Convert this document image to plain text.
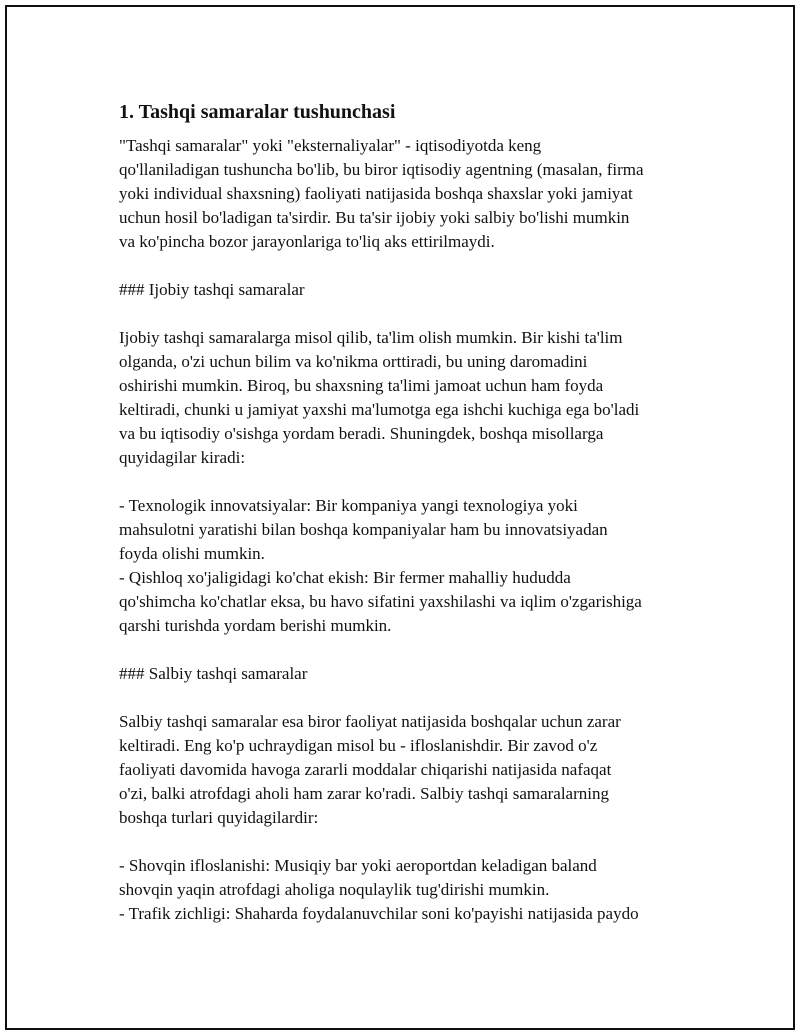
1. Tashqi samaralar tushunchasi

"Tashqi samaralar" yoki "eksternaliyalar" - iqtisodiyotda keng
qo'llaniladigan tushuncha bo'lib, bu biror iqtisodiy agentning (masalan, firma
yoki individual shaxsning) faoliyati natijasida boshqa shaxslar yoki jamiyat
uchun hosil bo'ladigan ta'sirdir. Bu ta'sir ijobiy yoki salbiy bo'lishi mumkin
va ko'pincha bozor jarayonlariga to'liq aks ettirilmaydi.

### Ijobiy tashqi samaralar

Ijobiy tashqi samaralarga misol qilib, ta'lim olish mumkin. Bir kishi ta'lim
olganda, o'zi uchun bilim va ko'nikma orttiradi, bu uning daromadini
oshirishi mumkin. Biroq, bu shaxsning ta'limi jamoat uchun ham foyda
keltiradi, chunki u jamiyat yaxshi ma'lumotga ega ishchi kuchiga ega bo'ladi
va bu iqtisodiy o'sishga yordam beradi. Shuningdek, boshqa misollarga
quyidagilar kiradi:

- Texnologik innovatsiyalar: Bir kompaniya yangi texnologiya yoki
mahsulotni yaratishi bilan boshqa kompaniyalar ham bu innovatsiyadan
foyda olishi mumkin.
- Qishloq xo'jaligidagi ko'chat ekish: Bir fermer mahalliy hududda
qo'shimcha ko'chatlar eksa, bu havo sifatini yaxshilashi va iqlim o'zgarishiga
qarshi turishda yordam berishi mumkin.

### Salbiy tashqi samaralar

Salbiy tashqi samaralar esa biror faoliyat natijasida boshqalar uchun zarar
keltiradi. Eng ko'p uchraydigan misol bu - ifloslanishdir. Bir zavod o'z
faoliyati davomida havoga zararli moddalar chiqarishi natijasida nafaqat
o'zi, balki atrofdagi aholi ham zarar ko'radi. Salbiy tashqi samaralarning
boshqa turlari quyidagilardir:

- Shovqin ifloslanishi: Musiqiy bar yoki aeroportdan keladigan baland
shovqin yaqin atrofdagi aholiga noqulaylik tug'dirishi mumkin.
- Trafik zichligi: Shaharda foydalanuvchilar soni ko'payishi natijasida paydo
